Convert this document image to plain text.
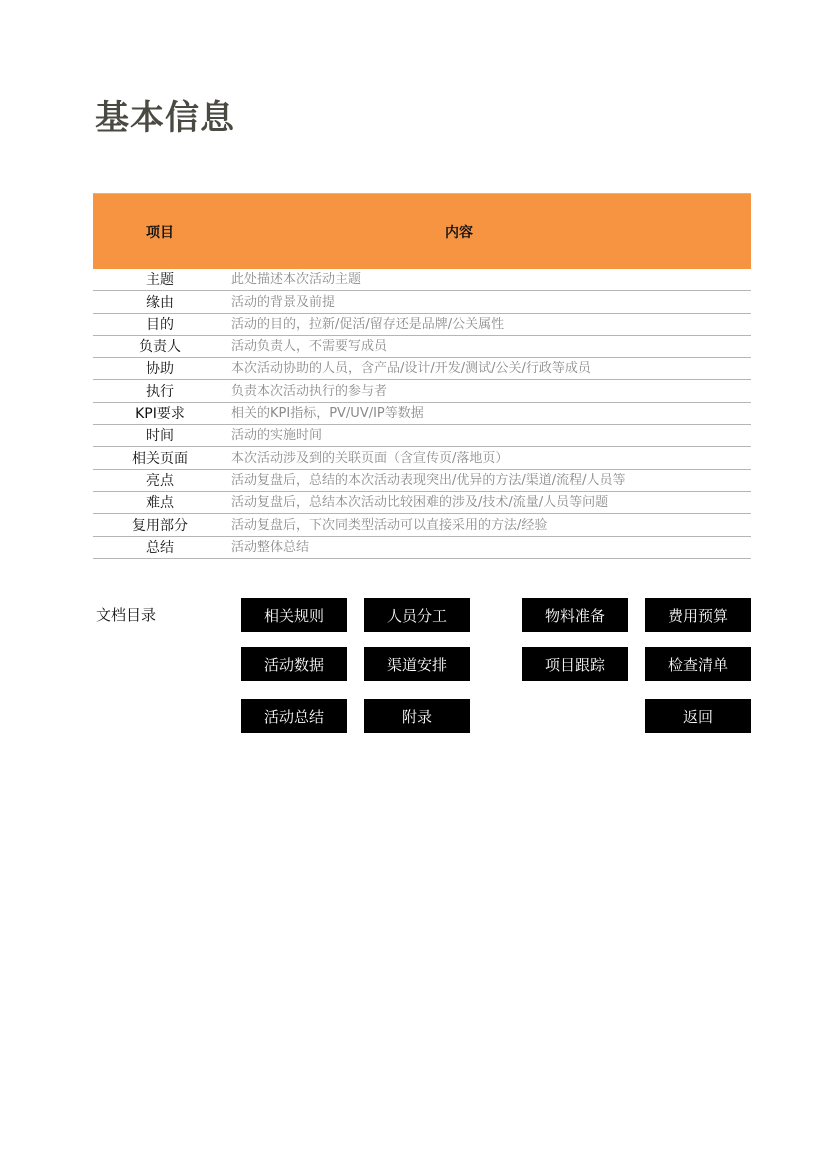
基本信息
项目	内容
主题	此处描述本次活动主题
缘由	活动的背景及前提
目的	活动的目的，拉新/促活/留存还是品牌/公关属性
负责人	活动负责人，不需要写成员
协助	本次活动协助的人员，含产品/设计/开发/测试/公关/行政等成员
执行	负责本次活动执行的参与者
KPI要求	相关的KPI指标，PV/UV/IP等数据
时间	活动的实施时间
相关页面	本次活动涉及到的关联页面（含宣传页/落地页）
亮点	活动复盘后，总结的本次活动表现突出/优异的方法/渠道/流程/人员等
难点	活动复盘后，总结本次活动比较困难的涉及/技术/流量/人员等问题
复用部分	活动复盘后，下次同类型活动可以直接采用的方法/经验
总结	活动整体总结
文档目录	相关规则	人员分工	物料准备	费用预算
活动数据	渠道安排	项目跟踪	检查清单
活动总结	附录	返回
